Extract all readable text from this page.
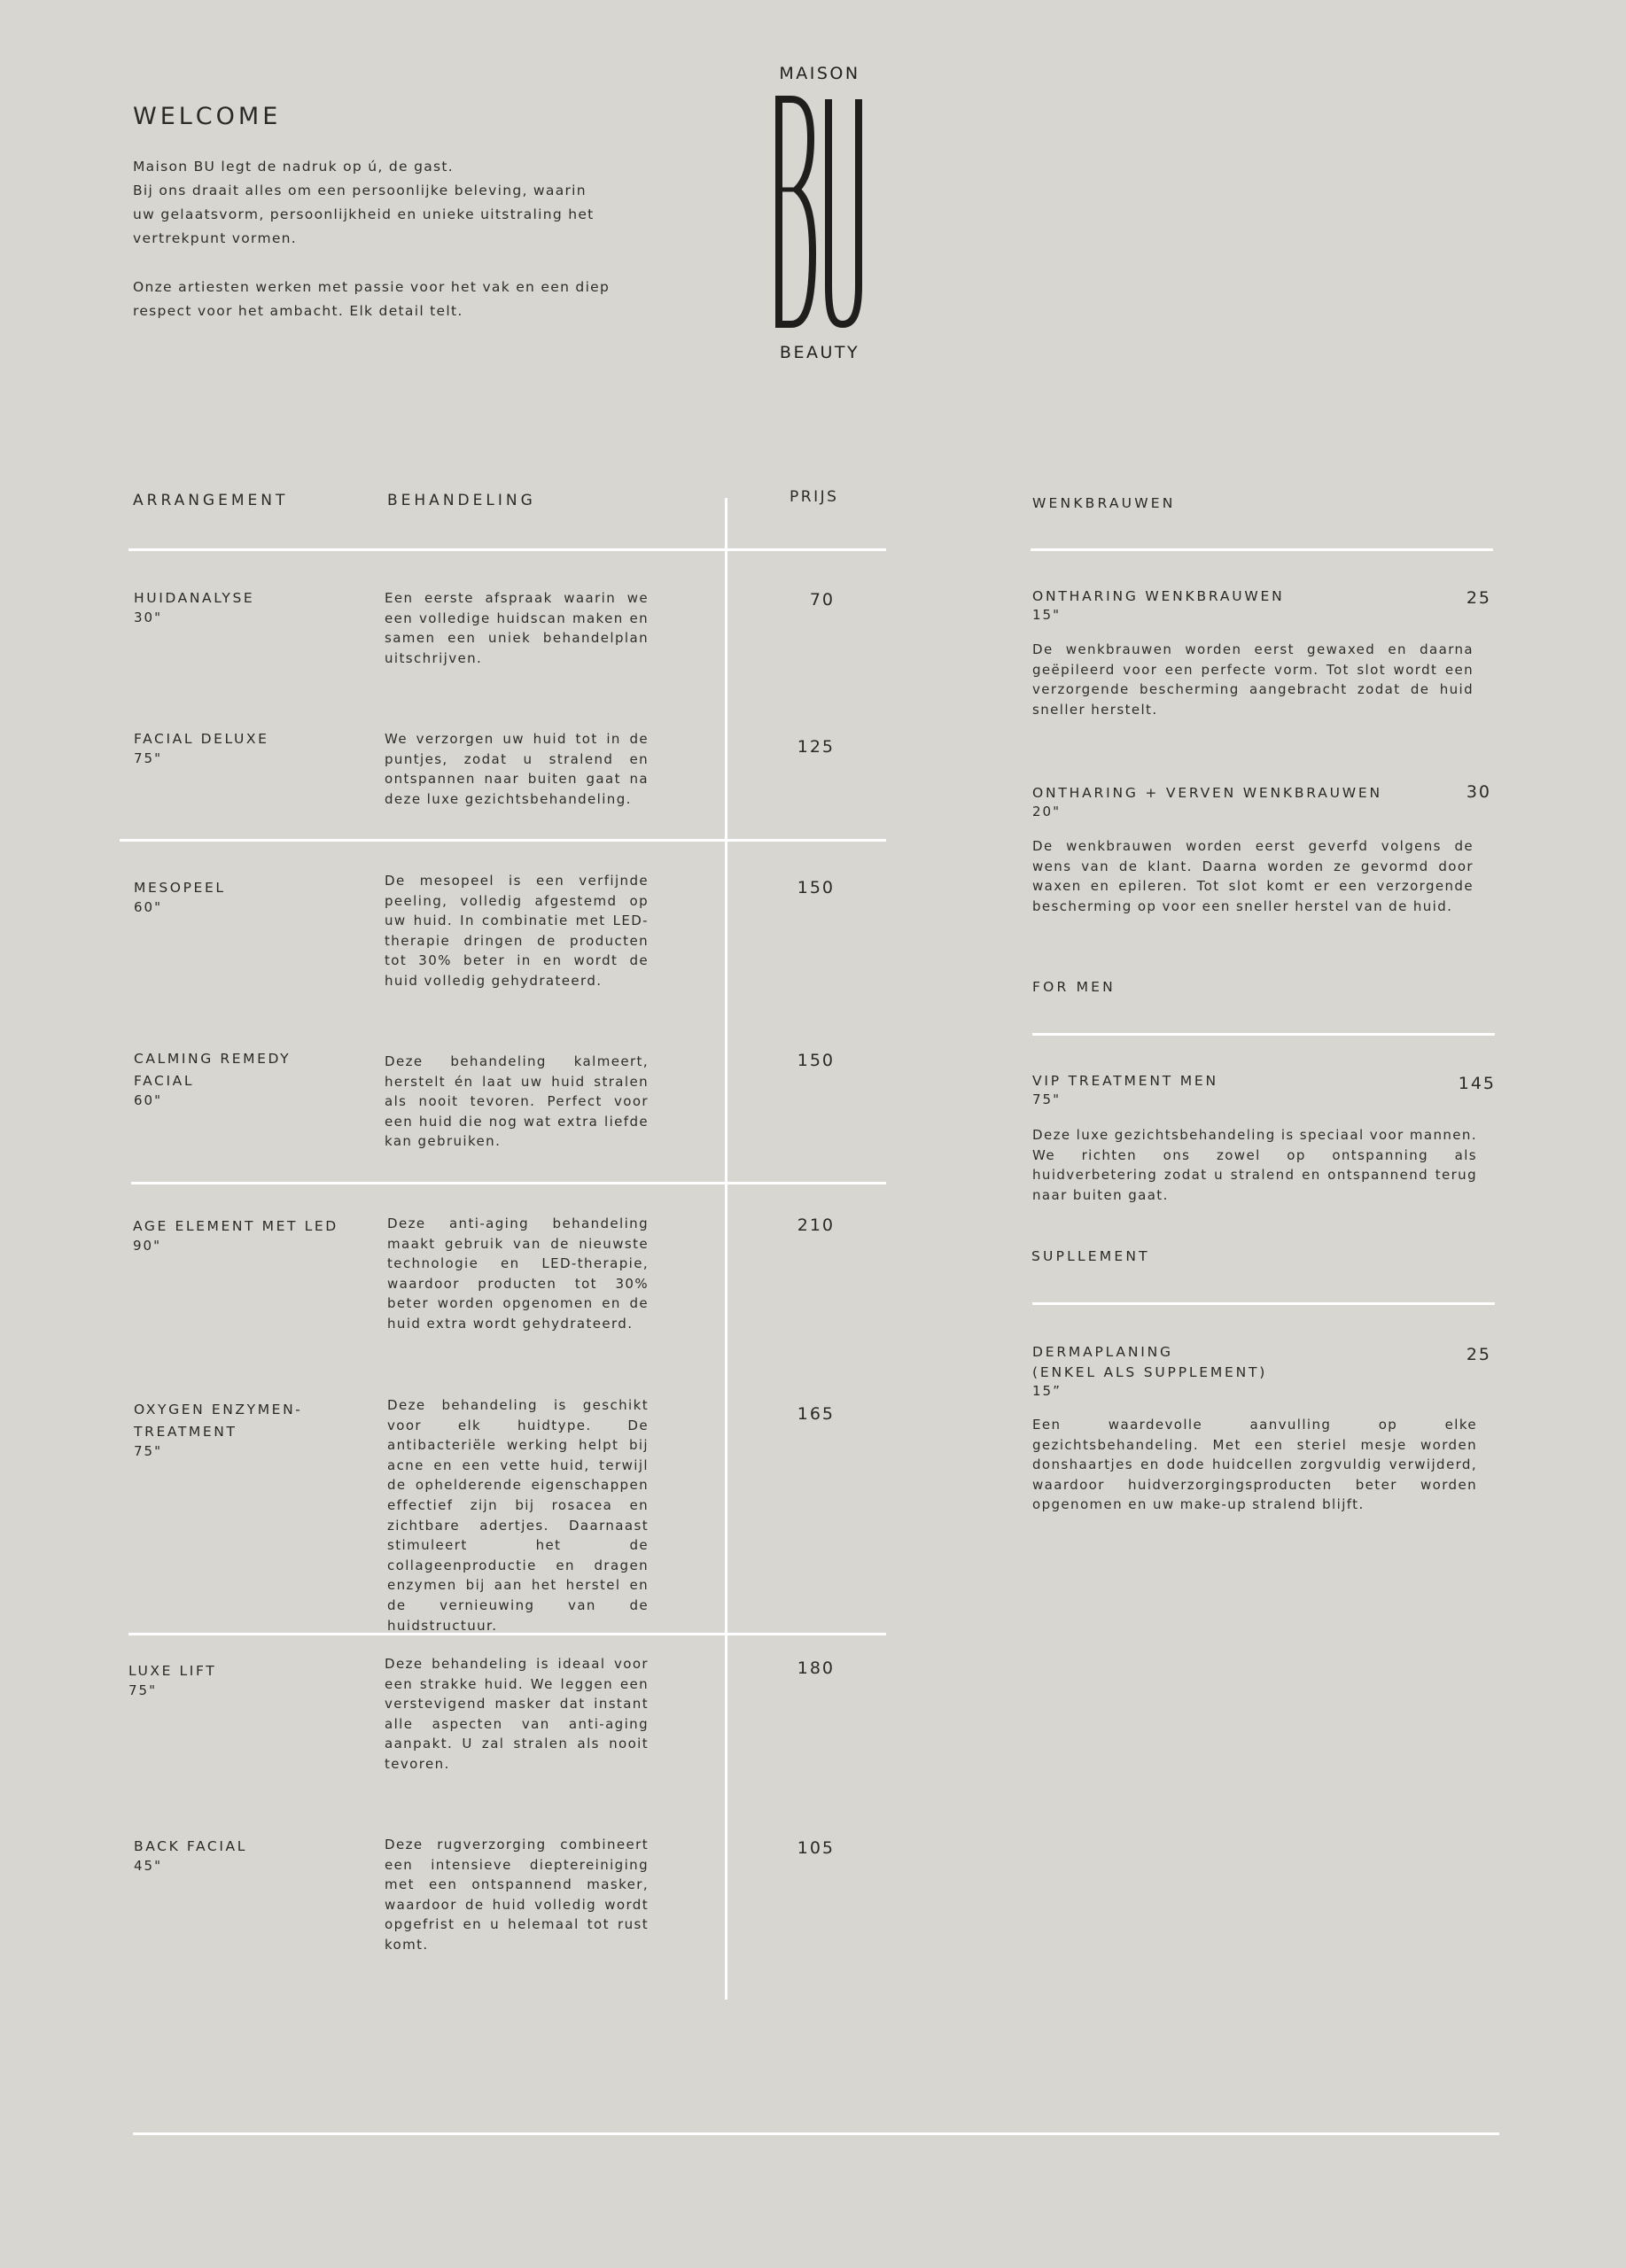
WELCOME
Maison BU legt de nadruk op ú, de gast.
Bij ons draait alles om een persoonlijke beleving, waarin uw gelaatsvorm, persoonlijkheid en unieke uitstraling het vertrekpunt vormen.
Onze artiesten werken met passie voor het vak en een diep respect voor het ambacht. Elk detail telt.
MAISON
BEAUTY
ARRANGEMENT	BEHANDELING	PRIJS
HUIDANALYSE
30"
Een eerste afspraak waarin we een volledige huidscan maken en samen een uniek behandelplan uitschrijven.
70
FACIAL DELUXE
75"
We verzorgen uw huid tot in de puntjes, zodat u stralend en ontspannen naar buiten gaat na deze luxe gezichtsbehandeling.
125
MESOPEEL
60"
De mesopeel is een verfijnde peeling, volledig afgestemd op uw huid. In combinatie met LED-therapie dringen de producten tot 30% beter in en wordt de huid volledig gehydrateerd.
150
CALMING REMEDY FACIAL
60"
Deze behandeling kalmeert, herstelt én laat uw huid stralen als nooit tevoren. Perfect voor een huid die nog wat extra liefde kan gebruiken.
150
AGE ELEMENT MET LED
90"
Deze anti-aging behandeling maakt gebruik van de nieuwste technologie en LED-therapie, waardoor producten tot 30% beter worden opgenomen en de huid extra wordt gehydrateerd.
210
OXYGEN ENZYMEN-TREATMENT
75"
Deze behandeling is geschikt voor elk huidtype. De antibacteriële werking helpt bij acne en een vette huid, terwijl de ophelderende eigenschappen effectief zijn bij rosacea en zichtbare adertjes. Daarnaast stimuleert het de collageenproductie en dragen enzymen bij aan het herstel en de vernieuwing van de huidstructuur.
165
LUXE LIFT
75"
Deze behandeling is ideaal voor een strakke huid. We leggen een verstevigend masker dat instant alle aspecten van anti-aging aanpakt. U zal stralen als nooit tevoren.
180
BACK FACIAL
45"
Deze rugverzorging combineert een intensieve dieptereiniging met een ontspannend masker, waardoor de huid volledig wordt opgefrist en u helemaal tot rust komt.
105
WENKBRAUWEN
ONTHARING WENKBRAUWEN
15"
25
De wenkbrauwen worden eerst gewaxed en daarna geëpileerd voor een perfecte vorm. Tot slot wordt een verzorgende bescherming aangebracht zodat de huid sneller herstelt.
ONTHARING + VERVEN WENKBRAUWEN
20"
30
De wenkbrauwen worden eerst geverfd volgens de wens van de klant. Daarna worden ze gevormd door waxen en epileren. Tot slot komt er een verzorgende bescherming op voor een sneller herstel van de huid.
FOR MEN
VIP TREATMENT MEN
75"
145
Deze luxe gezichtsbehandeling is speciaal voor mannen. We richten ons zowel op ontspanning als huidverbetering zodat u stralend en ontspannend terug naar buiten gaat.
SUPLLEMENT
DERMAPLANING
(ENKEL ALS SUPPLEMENT)
15”
25
Een waardevolle aanvulling op elke gezichtsbehandeling. Met een steriel mesje worden donshaartjes en dode huidcellen zorgvuldig verwijderd, waardoor huidverzorgingsproducten beter worden opgenomen en uw make-up stralend blijft.
